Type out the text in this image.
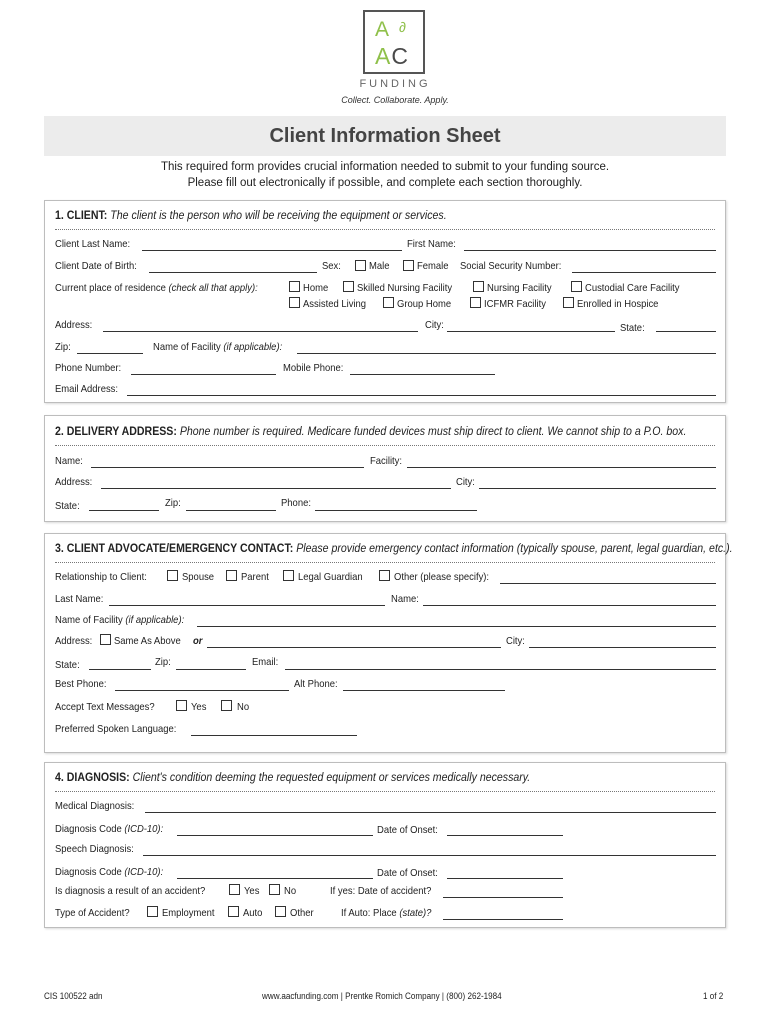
A ∂
AC
FUNDING
Collect. Collaborate. Apply.
Client Information Sheet
This required form provides crucial information needed to submit to your funding source.
Please fill out electronically if possible, and complete each section thoroughly.
1. CLIENT: The client is the person who will be receiving the equipment or services.
Client Last Name:	First Name:
Client Date of Birth:	Sex:	Male	Female Social Security Number:
Current place of residence (check all that apply):	Home	Skilled Nursing Facility	Nursing Facility	Custodial Care Facility
Assisted Living	Group Home	ICFMR Facility	Enrolled in Hospice
Address:	City:	State:
Zip:	Name of Facility (if applicable):
Phone Number:	Mobile Phone:
Email Address:
2. DELIVERY ADDRESS: Phone number is required. Medicare funded devices must ship direct to client. We cannot ship to a P.O. box.
Name:	Facility:
Address:	City:
State:	Zip:	Phone:
3. CLIENT ADVOCATE/EMERGENCY CONTACT: Please provide emergency contact information (typically spouse, parent, legal guardian, etc.).
Relationship to Client:	Spouse	Parent	Legal Guardian	Other (please specify):
Last Name:	Name:
Name of Facility (if applicable):
Address: Same As Above or	City:
State:	Zip:	Email:
Best Phone:	Alt Phone:
Accept Text Messages?	Yes	No
Preferred Spoken Language:
4. DIAGNOSIS: Client's condition deeming the requested equipment or services medically necessary.
Medical Diagnosis:
Diagnosis Code (ICD-10):	Date of Onset:
Speech Diagnosis:
Diagnosis Code (ICD-10):	Date of Onset:
Is diagnosis a result of an accident?	Yes No	If yes: Date of accident?
Type of Accident?	Employment	Auto	Other	If Auto: Place (state)?
CIS 100522 adn	www.aacfunding.com | Prentke Romich Company | (800) 262-1984	1 of 2
